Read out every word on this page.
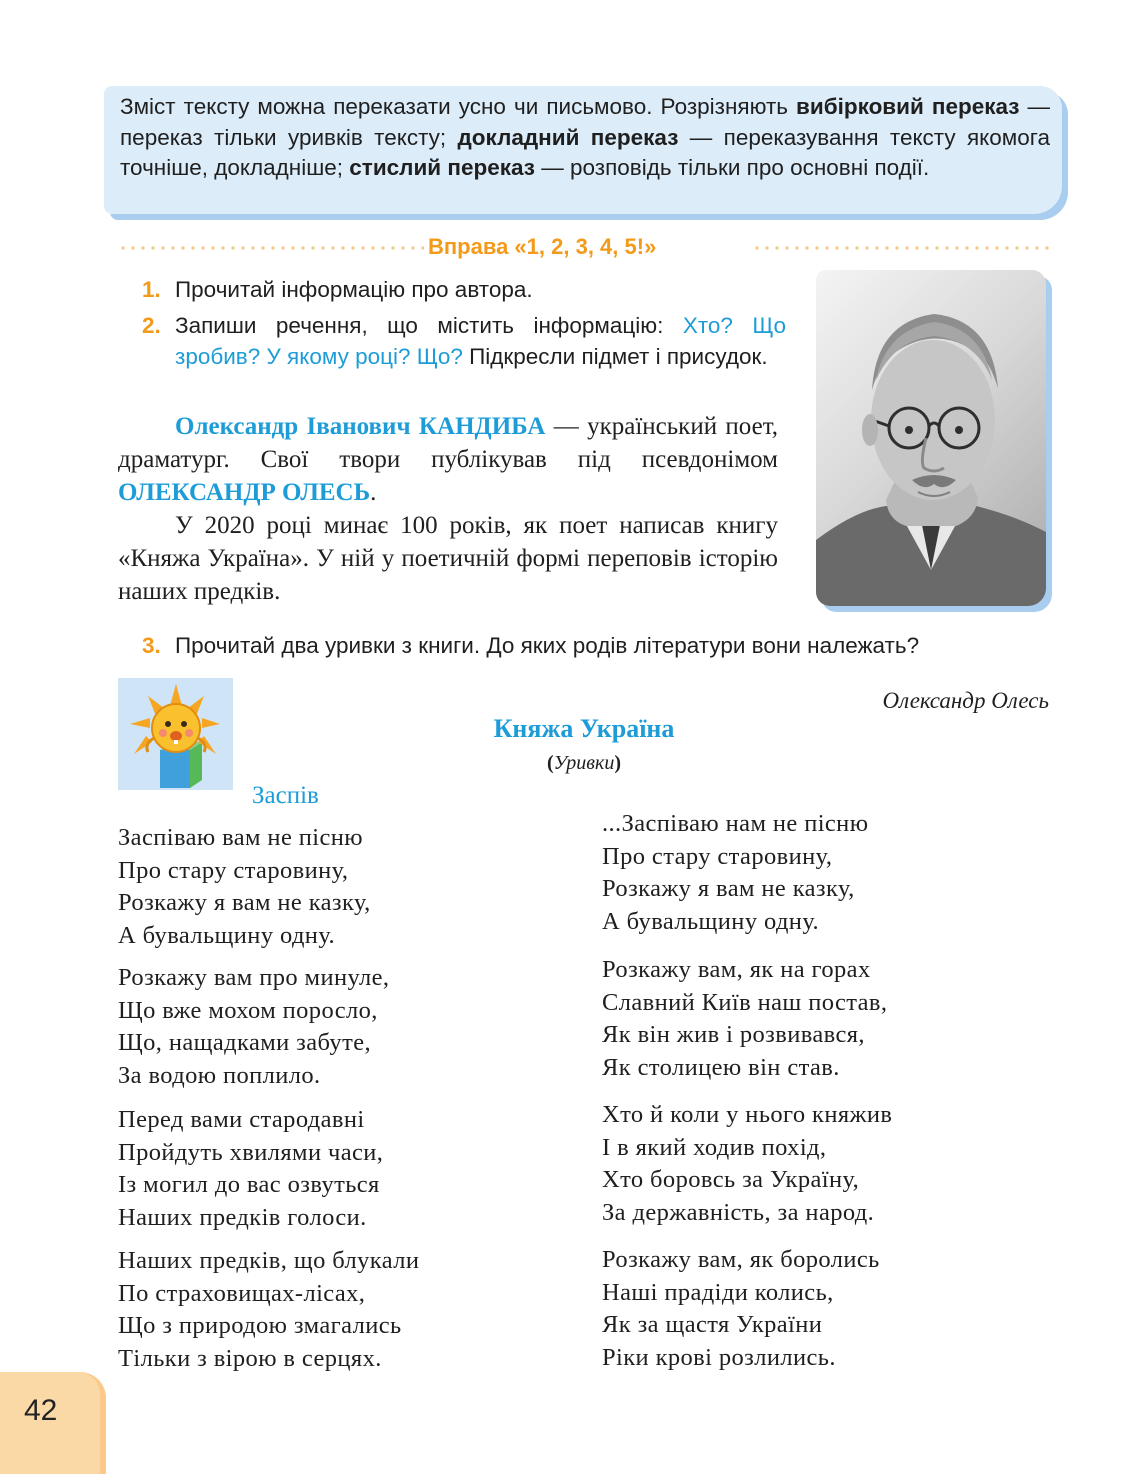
Зміст тексту можна переказати усно чи письмово. Розрізняють вибірковий переказ — переказ тільки уривків тексту; докладний переказ — переказування тексту якомога точніше, докладніше; стислий переказ — розповідь тільки про основні події.
Вправа «1, 2, 3, 4, 5!»
1. Прочитай інформацію про автора.
2. Запиши речення, що містить інформацію: Хто? Що зробив? У якому році? Що? Підкресли підмет і присудок.

Олександр Іванович КАНДИБА — український поет, драматург. Свої твори публікував під псевдонімом ОЛЕКСАНДР ОЛЕСЬ.

У 2020 році минає 100 років, як поет написав книгу «Княжа Україна». У ній у поетичній формі переповів історію наших предків.

3. Прочитай два уривки з книги. До яких родів літератури вони належать?
Олександр Олесь
Княжа Україна
(Уривки)
Заспів
Заспіваю вам не пісню
Про стару старовину,
Розкажу я вам не казку,
А бувальщину одну.
Розкажу вам про минуле,
Що вже мохом поросло,
Що, нащадками забуте,
За водою поплило.
Перед вами стародавні
Пройдуть хвилями часи,
Із могил до вас озвуться
Наших предків голоси.
Наших предків, що блукали
По страховищах-лісах,
Що з природою змагались
Тільки з вірою в серцях.
...Заспіваю нам не пісню
Про стару старовину,
Розкажу я вам не казку,
А бувальщину одну.
Розкажу вам, як на горах
Славний Київ наш постав,
Як він жив і розвивався,
Як столицею він став.
Хто й коли у нього княжив
І в який ходив похід,
Хто боровсь за Україну,
За державність, за народ.
Розкажу вам, як боролись
Наші прадіди колись,
Як за щастя України
Ріки крові розлились.
42
